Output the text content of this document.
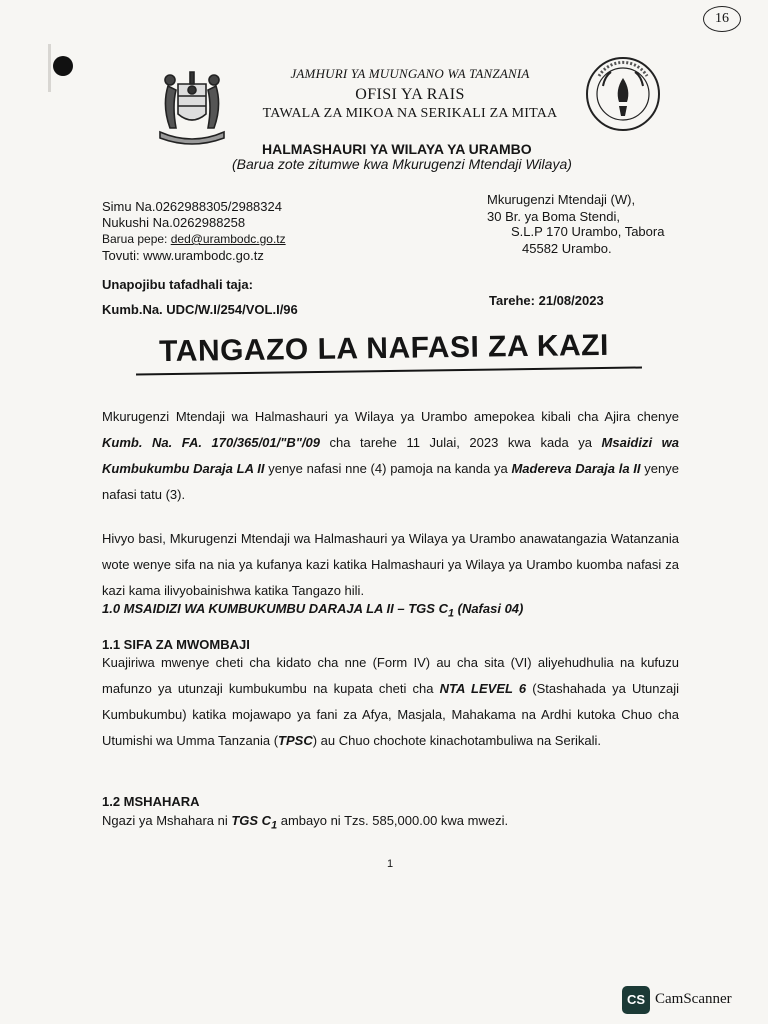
16
JAMHURI YA MUUNGANO WA TANZANIA
OFISI YA RAIS
TAWALA ZA MIKOA NA SERIKALI ZA MITAA
HALMASHAURI YA WILAYA YA URAMBO
(Barua zote zitumwe kwa Mkurugenzi Mtendaji Wilaya)
Simu Na.0262988305/2988324
Nukushi Na.0262988258
Barua pepe: ded@urambodc.go.tz
Tovuti: www.urambodc.go.tz
Mkurugenzi Mtendaji (W),
30 Br. ya Boma Stendi,
S.L.P 170 Urambo, Tabora
45582 Urambo.
Unapojibu tafadhali taja:
Kumb.Na. UDC/W.I/254/VOL.I/96
Tarehe: 21/08/2023
TANGAZO LA NAFASI ZA KAZI
Mkurugenzi Mtendaji wa Halmashauri ya Wilaya ya Urambo amepokea kibali cha Ajira chenye Kumb. Na. FA. 170/365/01/"B"/09 cha tarehe 11 Julai, 2023 kwa kada ya Msaidizi wa Kumbukumbu Daraja LA II yenye nafasi nne (4) pamoja na kanda ya Madereva Daraja la II yenye nafasi tatu (3).
Hivyo basi, Mkurugenzi Mtendaji wa Halmashauri ya Wilaya ya Urambo anawatangazia Watanzania wote wenye sifa na nia ya kufanya kazi katika Halmashauri ya Wilaya ya Urambo kuomba nafasi za kazi kama ilivyobainishwa katika Tangazo hili.
1.0 MSAIDIZI WA KUMBUKUMBU DARAJA LA II – TGS $C_1$ (Nafasi 04)
1.1 SIFA ZA MWOMBAJI
Kuajiriwa mwenye cheti cha kidato cha nne (Form IV) au cha sita (VI) aliyehudhulia na kufuzu mafunzo ya utunzaji kumbukumbu na kupata cheti cha NTA LEVEL 6 (Stashahada ya Utunzaji Kumbukumbu) katika mojawapo ya fani za Afya, Masjala, Mahakama na Ardhi kutoka Chuo cha Utumishi wa Umma Tanzania (TPSC) au Chuo chochote kinachotambuliwa na Serikali.
1.2 MSHAHARA
Ngazi ya Mshahara ni TGS $C_1$ ambayo ni Tzs. 585,000.00 kwa mwezi.
1
CS CamScanner
